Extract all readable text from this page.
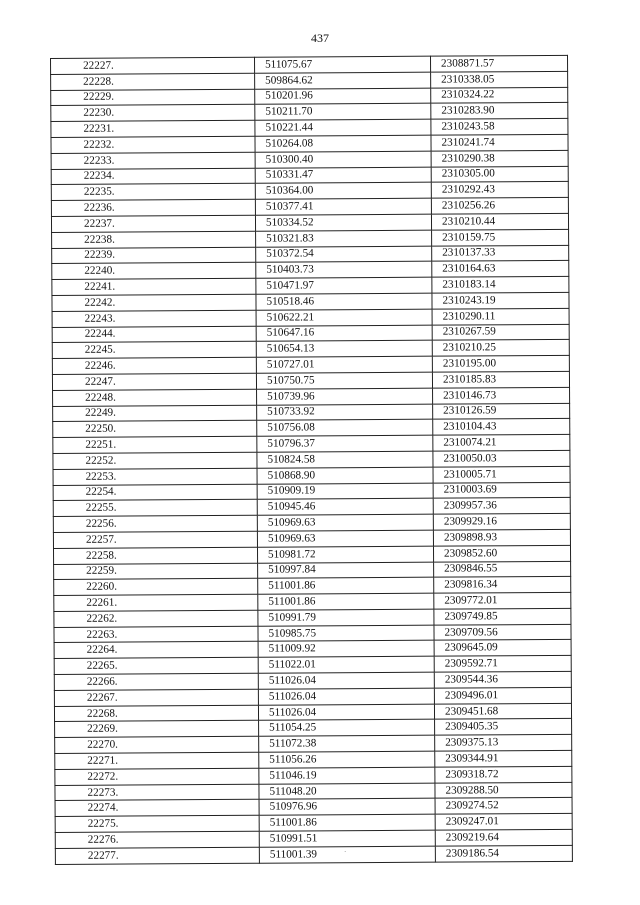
437
22227.	511075.67	2308871.57
22228.	509864.62	2310338.05
22229.	510201.96	2310324.22
22230.	510211.70	2310283.90
22231.	510221.44	2310243.58
22232.	510264.08	2310241.74
22233.	510300.40	2310290.38
22234.	510331.47	2310305.00
22235.	510364.00	2310292.43
22236.	510377.41	2310256.26
22237.	510334.52	2310210.44
22238.	510321.83	2310159.75
22239.	510372.54	2310137.33
22240.	510403.73	2310164.63
22241.	510471.97	2310183.14
22242.	510518.46	2310243.19
22243.	510622.21	2310290.11
22244.	510647.16	2310267.59
22245.	510654.13	2310210.25
22246.	510727.01	2310195.00
22247.	510750.75	2310185.83
22248.	510739.96	2310146.73
22249.	510733.92	2310126.59
22250.	510756.08	2310104.43
22251.	510796.37	2310074.21
22252.	510824.58	2310050.03
22253.	510868.90	2310005.71
22254.	510909.19	2310003.69
22255.	510945.46	2309957.36
22256.	510969.63	2309929.16
22257.	510969.63	2309898.93
22258.	510981.72	2309852.60
22259.	510997.84	2309846.55
22260.	511001.86	2309816.34
22261.	511001.86	2309772.01
22262.	510991.79	2309749.85
22263.	510985.75	2309709.56
22264.	511009.92	2309645.09
22265.	511022.01	2309592.71
22266.	511026.04	2309544.36
22267.	511026.04	2309496.01
22268.	511026.04	2309451.68
22269.	511054.25	2309405.35
22270.	511072.38	2309375.13
22271.	511056.26	2309344.91
22272.	511046.19	2309318.72
22273.	511048.20	2309288.50
22274.	510976.96	2309274.52
22275.	511001.86	2309247.01
22276.	510991.51	2309219.64
22277.	511001.39	2309186.54
·
